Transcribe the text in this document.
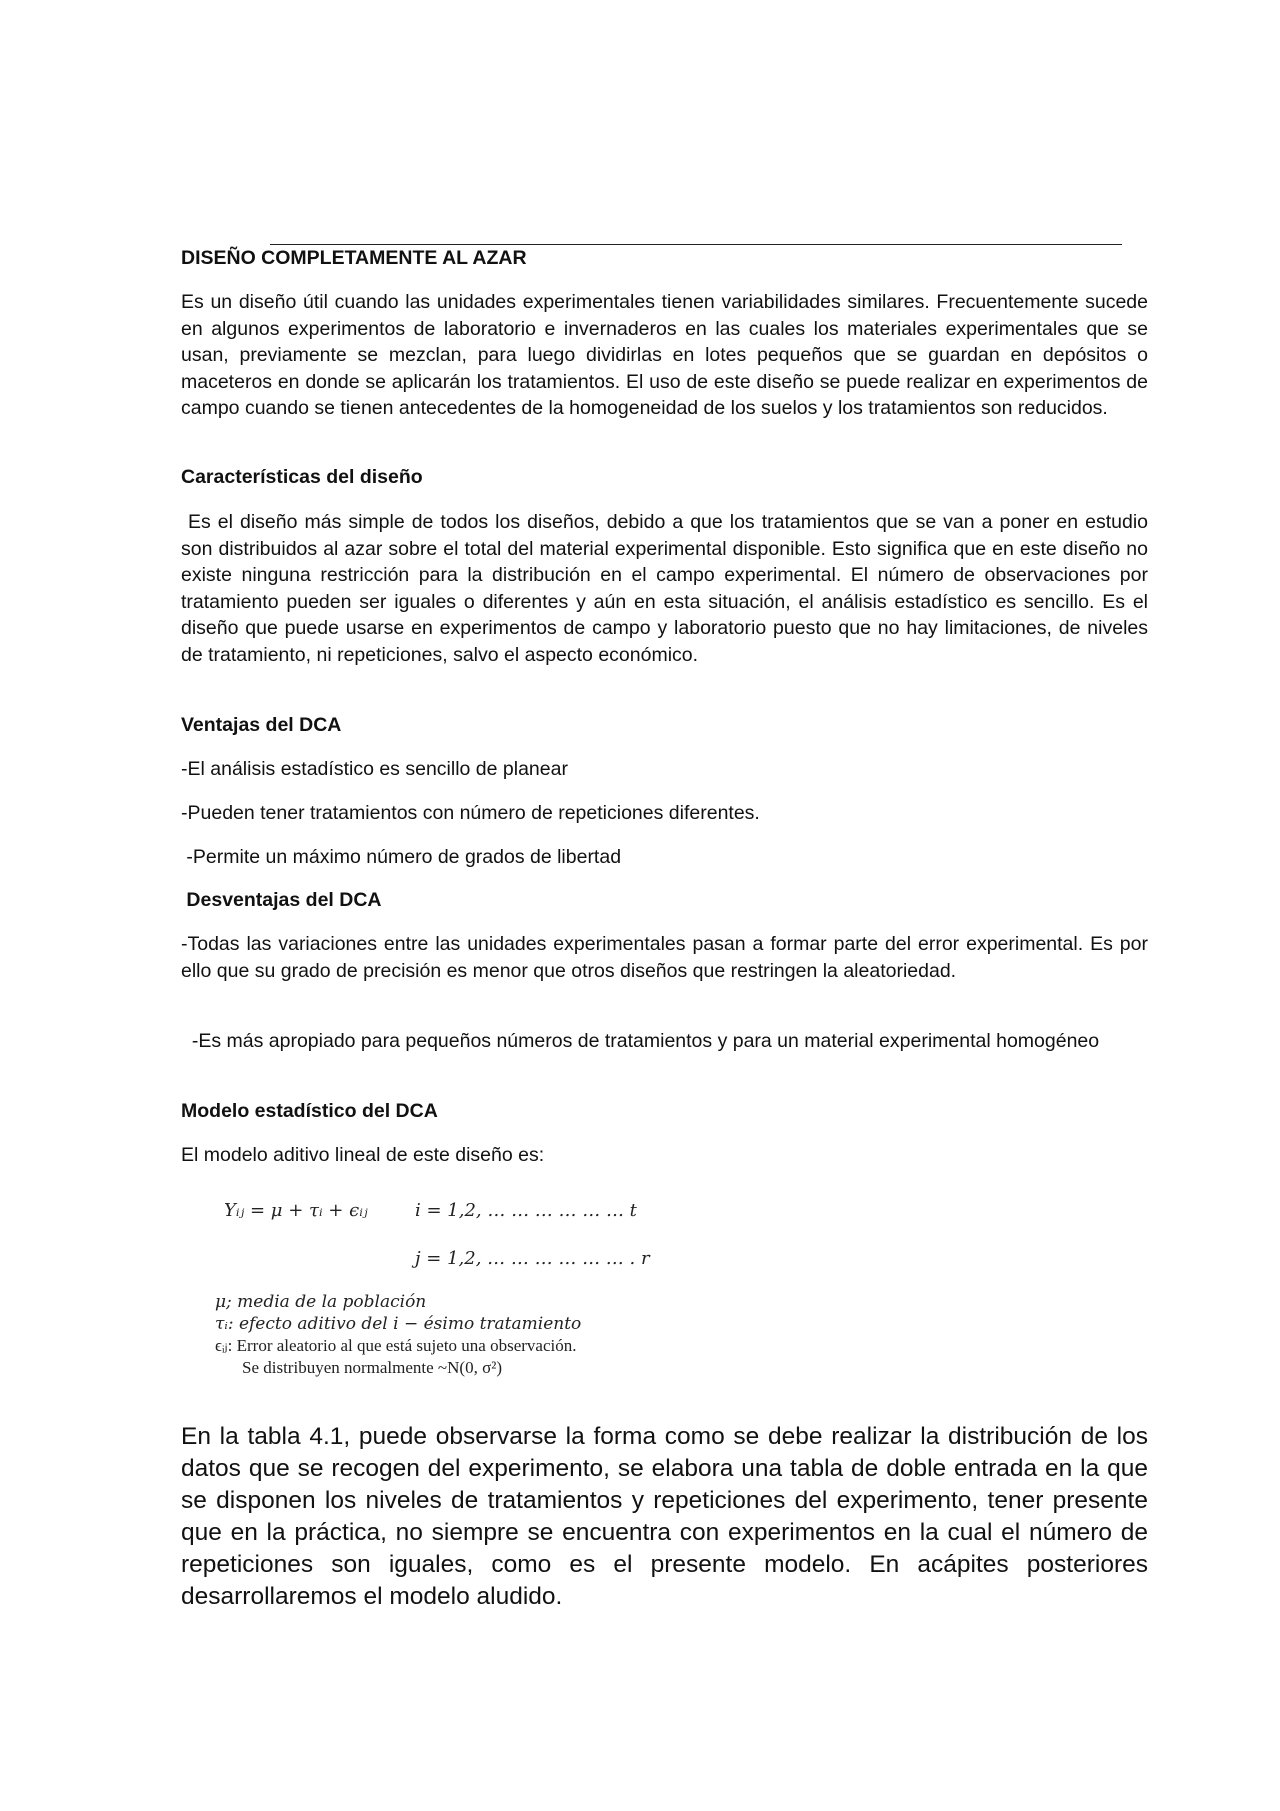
DISEÑO COMPLETAMENTE AL AZAR

Es un diseño útil cuando las unidades experimentales tienen variabilidades similares. Frecuentemente sucede en algunos experimentos de laboratorio e invernaderos en las cuales los materiales experimentales que se usan, previamente se mezclan, para luego dividirlas en lotes pequeños que se guardan en depósitos o maceteros en donde se aplicarán los tratamientos. El uso de este diseño se puede realizar en experimentos de campo cuando se tienen antecedentes de la homogeneidad de los suelos y los tratamientos son reducidos.

Características del diseño

Es el diseño más simple de todos los diseños, debido a que los tratamientos que se van a poner en estudio son distribuidos al azar sobre el total del material experimental disponible. Esto significa que en este diseño no existe ninguna restricción para la distribución en el campo experimental. El número de observaciones por tratamiento pueden ser iguales o diferentes y aún en esta situación, el análisis estadístico es sencillo. Es el diseño que puede usarse en experimentos de campo y laboratorio puesto que no hay limitaciones, de niveles de tratamiento, ni repeticiones, salvo el aspecto económico.

Ventajas del DCA

-El análisis estadístico es sencillo de planear

-Pueden tener tratamientos con número de repeticiones diferentes.

-Permite un máximo número de grados de libertad

Desventajas del DCA

-Todas las variaciones entre las unidades experimentales pasan a formar parte del error experimental. Es por ello que su grado de precisión es menor que otros diseños que restringen la aleatoriedad.

-Es más apropiado para pequeños números de tratamientos y para un material experimental homogéneo

Modelo estadístico del DCA

El modelo aditivo lineal de este diseño es:

Yᵢⱼ = μ + τᵢ + ϵᵢⱼ	i = 1,2, … … … … … … t
j = 1,2, … … … … … … . r
μ; media de la población
τᵢ: efecto aditivo del i − ésimo tratamiento
ϵᵢⱼ: Error aleatorio al que está sujeto una observación.
Se distribuyen normalmente ~N(0, σ²)

En la tabla 4.1, puede observarse la forma como se debe realizar la distribución de los datos que se recogen del experimento, se elabora una tabla de doble entrada en la que se disponen los niveles de tratamientos y repeticiones del experimento, tener presente que en la práctica, no siempre se encuentra con experimentos en la cual el número de repeticiones son iguales, como es el presente modelo. En acápites posteriores desarrollaremos el modelo aludido.
